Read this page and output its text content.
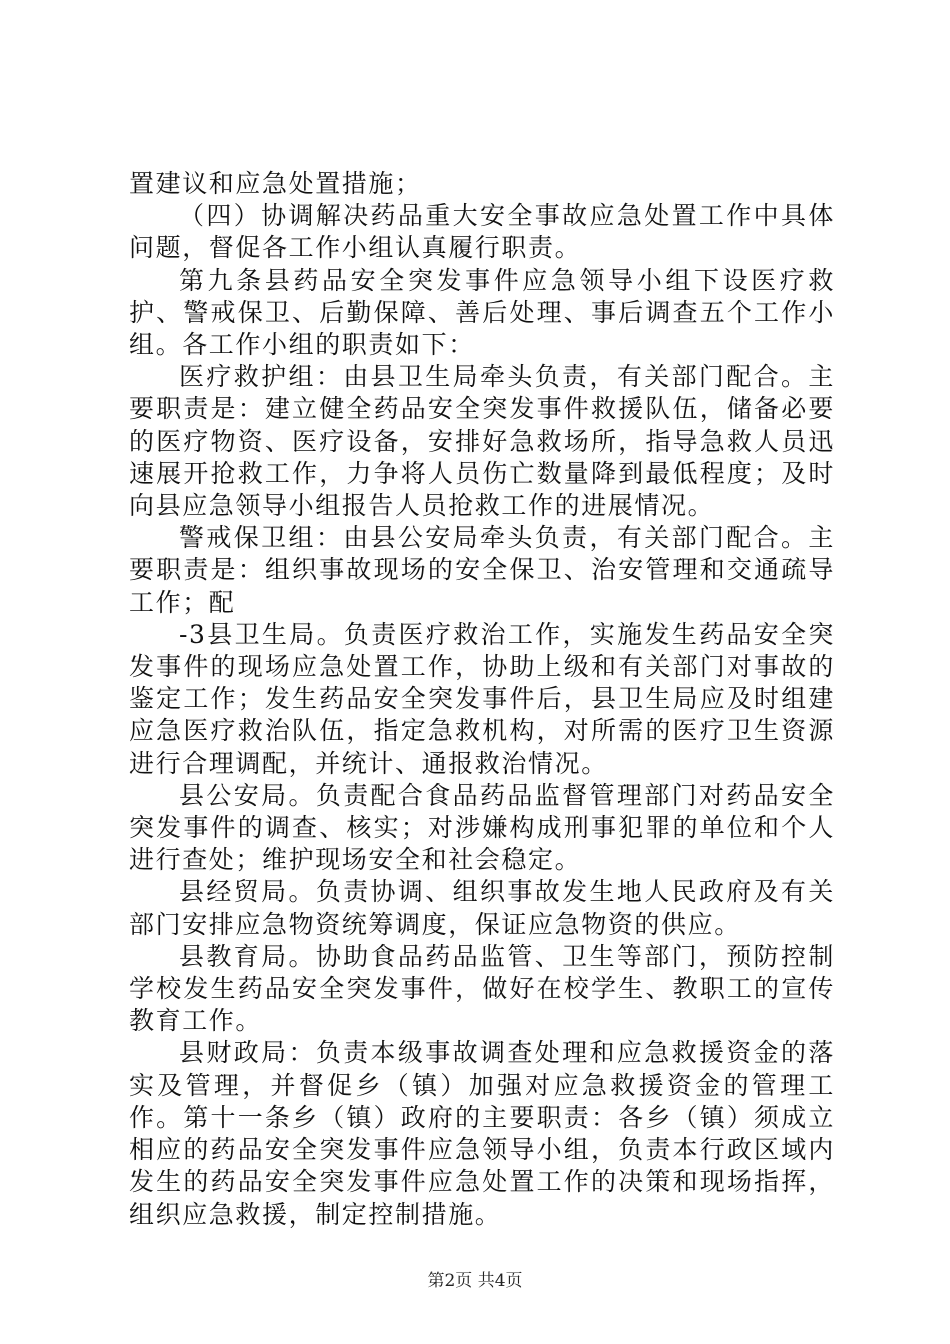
置建议和应急处置措施；

（四）协调解决药品重大安全事故应急处置工作中具体问题，督促各工作小组认真履行职责。

第九条县药品安全突发事件应急领导小组下设医疗救护、警戒保卫、后勤保障、善后处理、事后调查五个工作小组。各工作小组的职责如下：

医疗救护组：由县卫生局牵头负责，有关部门配合。主要职责是：建立健全药品安全突发事件救援队伍，储备必要的医疗物资、医疗设备，安排好急救场所，指导急救人员迅速展开抢救工作，力争将人员伤亡数量降到最低程度；及时向县应急领导小组报告人员抢救工作的进展情况。

警戒保卫组：由县公安局牵头负责，有关部门配合。主要职责是：组织事故现场的安全保卫、治安管理和交通疏导工作；配

-3县卫生局。负责医疗救治工作，实施发生药品安全突发事件的现场应急处置工作，协助上级和有关部门对事故的鉴定工作；发生药品安全突发事件后，县卫生局应及时组建应急医疗救治队伍，指定急救机构，对所需的医疗卫生资源进行合理调配，并统计、通报救治情况。

县公安局。负责配合食品药品监督管理部门对药品安全突发事件的调查、核实；对涉嫌构成刑事犯罪的单位和个人进行查处；维护现场安全和社会稳定。

县经贸局。负责协调、组织事故发生地人民政府及有关部门安排应急物资统筹调度，保证应急物资的供应。

县教育局。协助食品药品监管、卫生等部门，预防控制学校发生药品安全突发事件，做好在校学生、教职工的宣传教育工作。

县财政局：负责本级事故调查处理和应急救援资金的落实及管理，并督促乡（镇）加强对应急救援资金的管理工作。第十一条乡（镇）政府的主要职责：各乡（镇）须成立相应的药品安全突发事件应急领导小组，负责本行政区域内发生的药品安全突发事件应急处置工作的决策和现场指挥，组织应急救援，制定控制措施。

第2页 共4页
